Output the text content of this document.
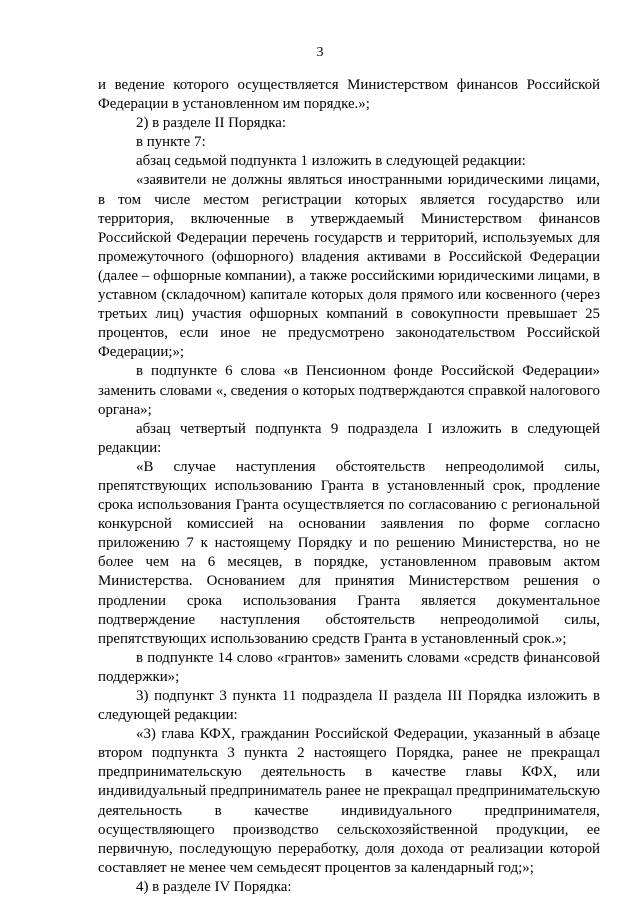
3

и ведение которого осуществляется Министерством финансов Российской Федерации в установленном им порядке.»;

2) в разделе II Порядка:

в пункте 7:

абзац седьмой подпункта 1 изложить в следующей редакции:

«заявители не должны являться иностранными юридическими лицами, в том числе местом регистрации которых является государство или территория, включенные в утверждаемый Министерством финансов Российской Федерации перечень государств и территорий, используемых для промежуточного (офшорного) владения активами в Российской Федерации (далее – офшорные компании), а также российскими юридическими лицами, в уставном (складочном) капитале которых доля прямого или косвенного (через третьих лиц) участия офшорных компаний в совокупности превышает 25 процентов, если иное не предусмотрено законодательством Российской Федерации;»;

в подпункте 6 слова «в Пенсионном фонде Российской Федерации» заменить словами «, сведения о которых подтверждаются справкой налогового органа»;

абзац четвертый подпункта 9 подраздела I изложить в следующей редакции:

«В случае наступления обстоятельств непреодолимой силы, препятствующих использованию Гранта в установленный срок, продление срока использования Гранта осуществляется по согласованию с региональной конкурсной комиссией на основании заявления по форме согласно приложению 7 к настоящему Порядку и по решению Министерства, но не более чем на 6 месяцев, в порядке, установленном правовым актом Министерства. Основанием для принятия Министерством решения о продлении срока использования Гранта является документальное подтверждение наступления обстоятельств непреодолимой силы, препятствующих использованию средств Гранта в установленный срок.»;

в подпункте 14 слово «грантов» заменить словами «средств финансовой поддержки»;

3) подпункт 3 пункта 11 подраздела II раздела III Порядка изложить в следующей редакции:

«3) глава КФХ, гражданин Российской Федерации, указанный в абзаце втором подпункта 3 пункта 2 настоящего Порядка, ранее не прекращал предпринимательскую деятельность в качестве главы КФХ, или индивидуальный предприниматель ранее не прекращал предпринимательскую деятельность в качестве индивидуального предпринимателя, осуществляющего производство сельскохозяйственной продукции, ее первичную, последующую переработку, доля дохода от реализации которой составляет не менее чем семьдесят процентов за календарный год;»;

4) в разделе IV Порядка:
